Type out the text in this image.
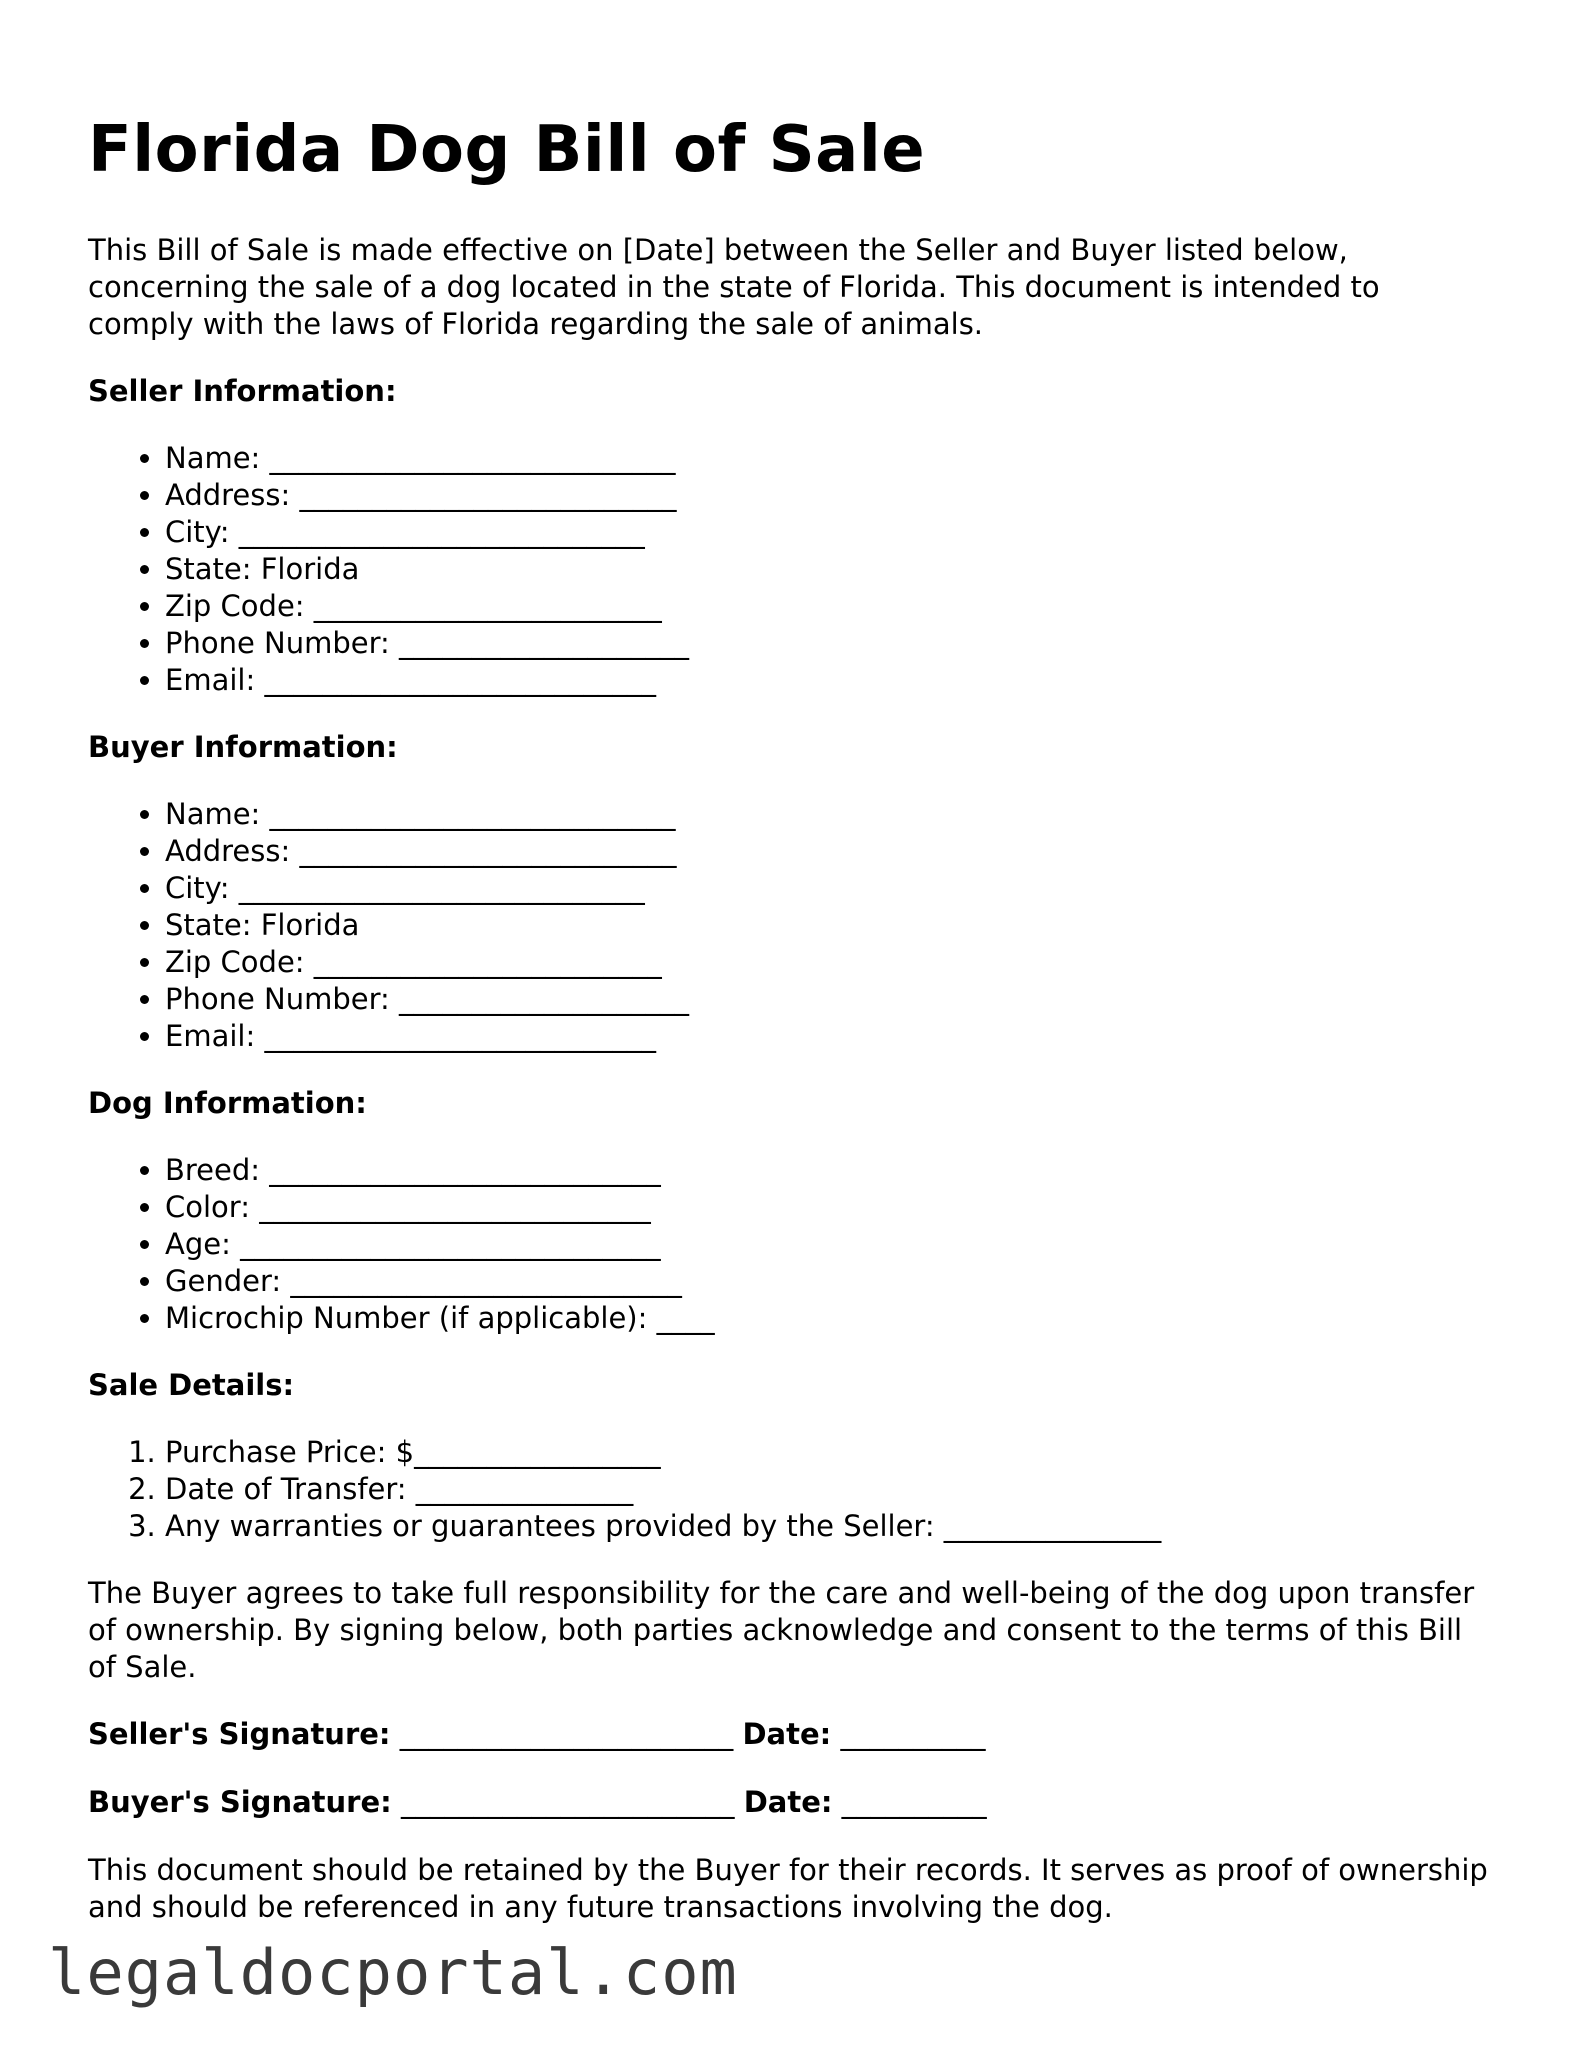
Florida Dog Bill of Sale

This Bill of Sale is made effective on [Date] between the Seller and Buyer listed below, concerning the sale of a dog located in the state of Florida. This document is intended to comply with the laws of Florida regarding the sale of animals.

Seller Information:
• Name: ____________________________
• Address: __________________________
• City: ____________________________
• State: Florida
• Zip Code: ________________________
• Phone Number: ____________________
• Email: ___________________________
Buyer Information:
• Name: ____________________________
• Address: __________________________
• City: ____________________________
• State: Florida
• Zip Code: ________________________
• Phone Number: ____________________
• Email: ___________________________
Dog Information:
• Breed: ___________________________
• Color: ___________________________
• Age: _____________________________
• Gender: ___________________________
• Microchip Number (if applicable): ____
Sale Details:
1. Purchase Price: $_________________
2. Date of Transfer: _______________
3. Any warranties or guarantees provided by the Seller: _______________

The Buyer agrees to take full responsibility for the care and well-being of the dog upon transfer of ownership. By signing below, both parties acknowledge and consent to the terms of this Bill of Sale.

Seller's Signature: _______________________ Date: __________
Buyer's Signature: _______________________ Date: __________

This document should be retained by the Buyer for their records. It serves as proof of ownership and should be referenced in any future transactions involving the dog.

legaldocportal.com
